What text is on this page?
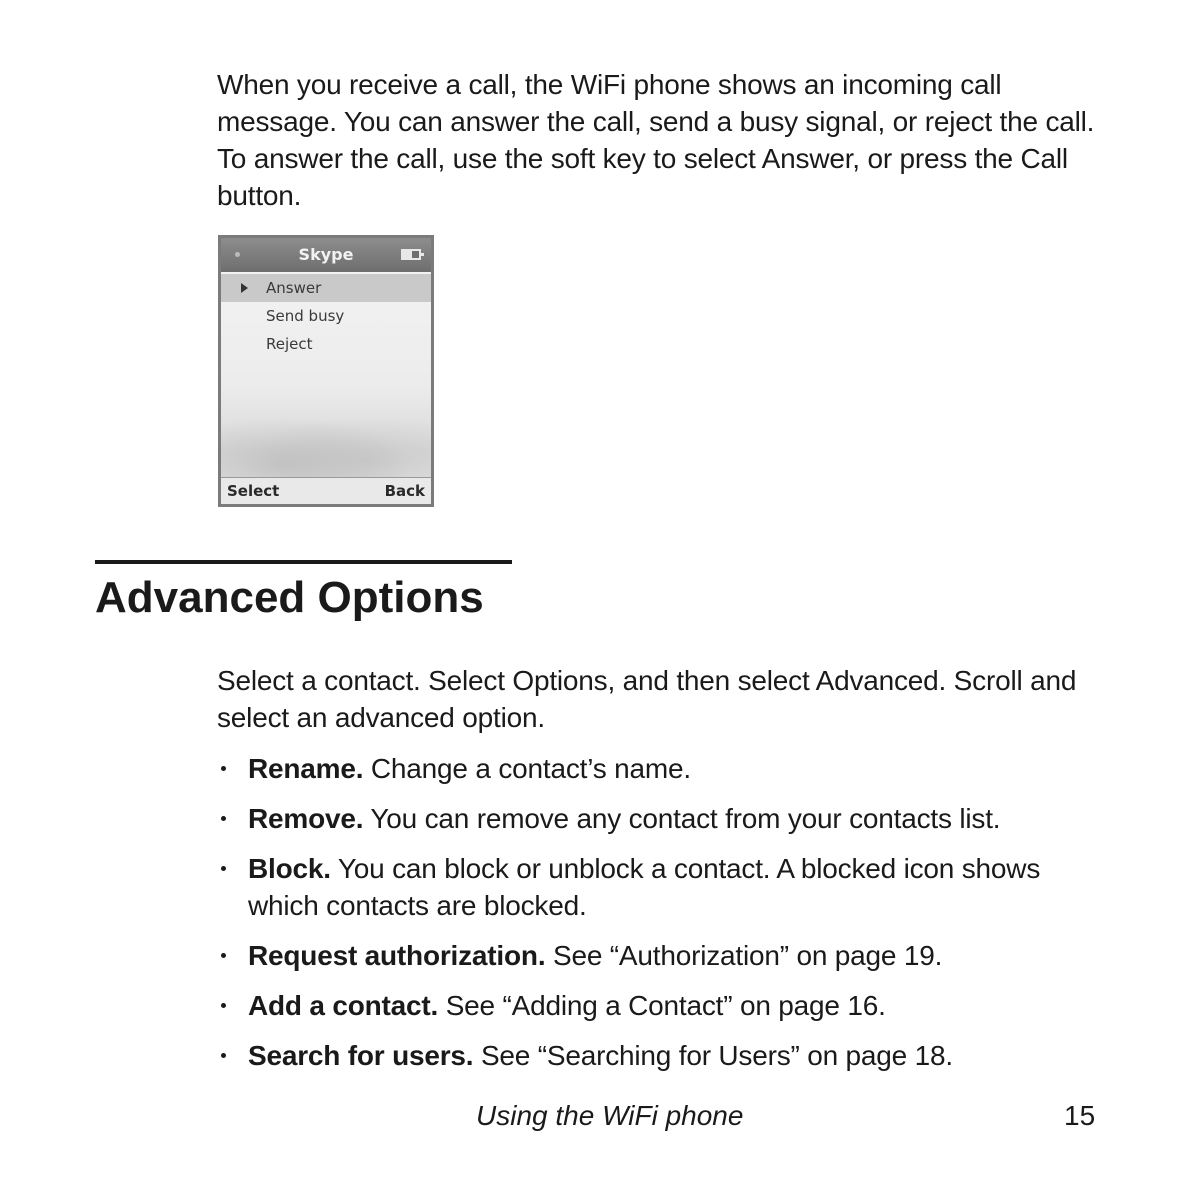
When you receive a call, the WiFi phone shows an incoming call message. You can answer the call, send a busy signal, or reject the call. To answer the call, use the soft key to select Answer, or press the Call button.

Skype
Answer
Send busy
Reject
Select	Back
Advanced Options

Select a contact. Select Options, and then select Advanced. Scroll and select an advanced option.

Rename. Change a contact’s name.
Remove. You can remove any contact from your contacts list.
Block. You can block or unblock a contact. A blocked icon shows which contacts are blocked.
Request authorization. See “Authorization” on page 19.
Add a contact. See “Adding a Contact” on page 16.
Search for users. See “Searching for Users” on page 18.
Using the WiFi phone	15
